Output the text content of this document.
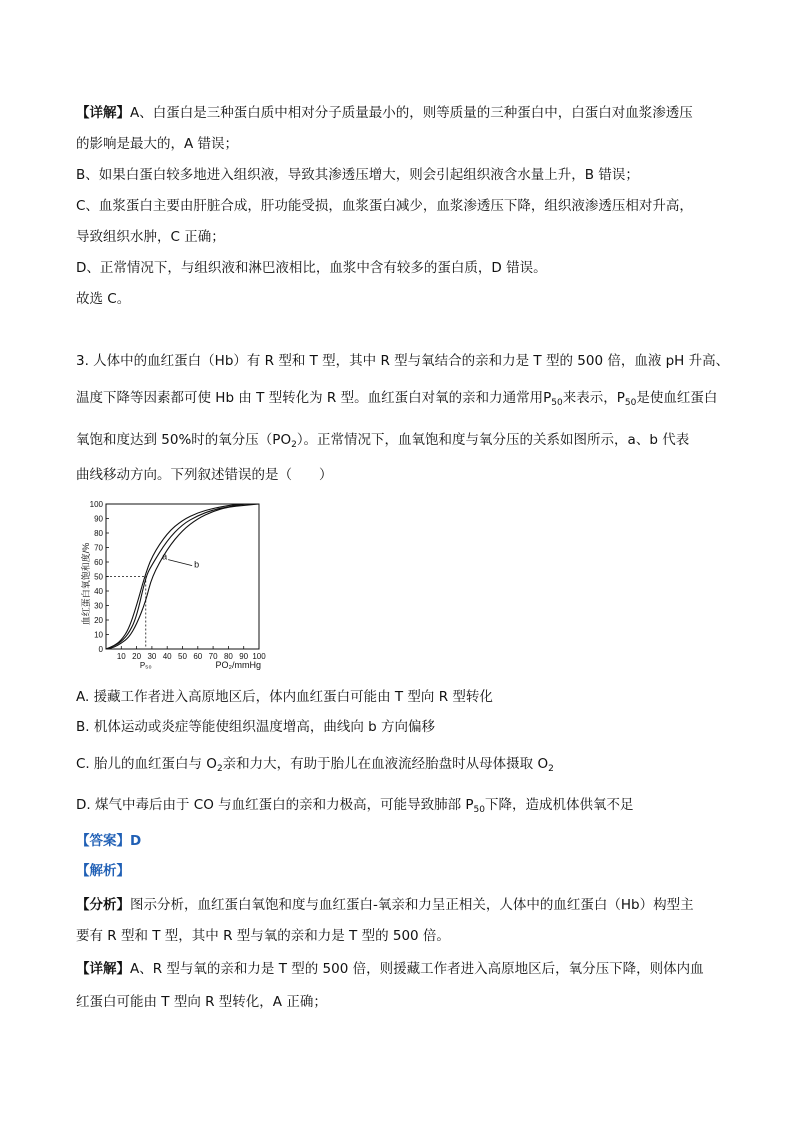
【详解】A、白蛋白是三种蛋白质中相对分子质量最小的，则等质量的三种蛋白中，白蛋白对血浆渗透压
的影响是最大的，A 错误；
B、如果白蛋白较多地进入组织液，导致其渗透压增大，则会引起组织液含水量上升，B 错误；
C、血浆蛋白主要由肝脏合成，肝功能受损，血浆蛋白减少，血浆渗透压下降，组织液渗透压相对升高，
导致组织水肿，C 正确；
D、正常情况下，与组织液和淋巴液相比，血浆中含有较多的蛋白质，D 错误。
故选 C。
3. 人体中的血红蛋白（Hb）有 R 型和 T 型，其中 R 型与氧结合的亲和力是 T 型的 500 倍，血液 pH 升高、
温度下降等因素都可使 Hb 由 T 型转化为 R 型。血红蛋白对氧的亲和力通常用$P_{50}$来表示，$P_{50}$是使血红蛋白
氧饱和度达到 50%时的氧分压$(PO_2)$。正常情况下，血氧饱和度与氧分压的关系如图所示，a、b 代表
曲线移动方向。下列叙述错误的是（　　）
0
10
20
30
40
50
60
70
80
90
100
10 20 30 40 50 60 70 80 90 100
P₅₀
a
b
血红蛋白氧饱和度/%
PO₂/mmHg
A. 援藏工作者进入高原地区后，体内血红蛋白可能由 T 型向 R 型转化
B. 机体运动或炎症等能使组织温度增高，曲线向 b 方向偏移
C. 胎儿的血红蛋白与 $O_2$亲和力大，有助于胎儿在血液流经胎盘时从母体摄取 $O_2$
D. 煤气中毒后由于 CO 与血红蛋白的亲和力极高，可能导致肺部 $P_{50}$下降，造成机体供氧不足
【答案】D
【解析】
【分析】图示分析，血红蛋白氧饱和度与血红蛋白-氧亲和力呈正相关，人体中的血红蛋白（Hb）构型主
要有 R 型和 T 型，其中 R 型与氧的亲和力是 T 型的 500 倍。
【详解】A、R 型与氧的亲和力是 T 型的 500 倍，则援藏工作者进入高原地区后，氧分压下降，则体内血
红蛋白可能由 T 型向 R 型转化，A 正确；
